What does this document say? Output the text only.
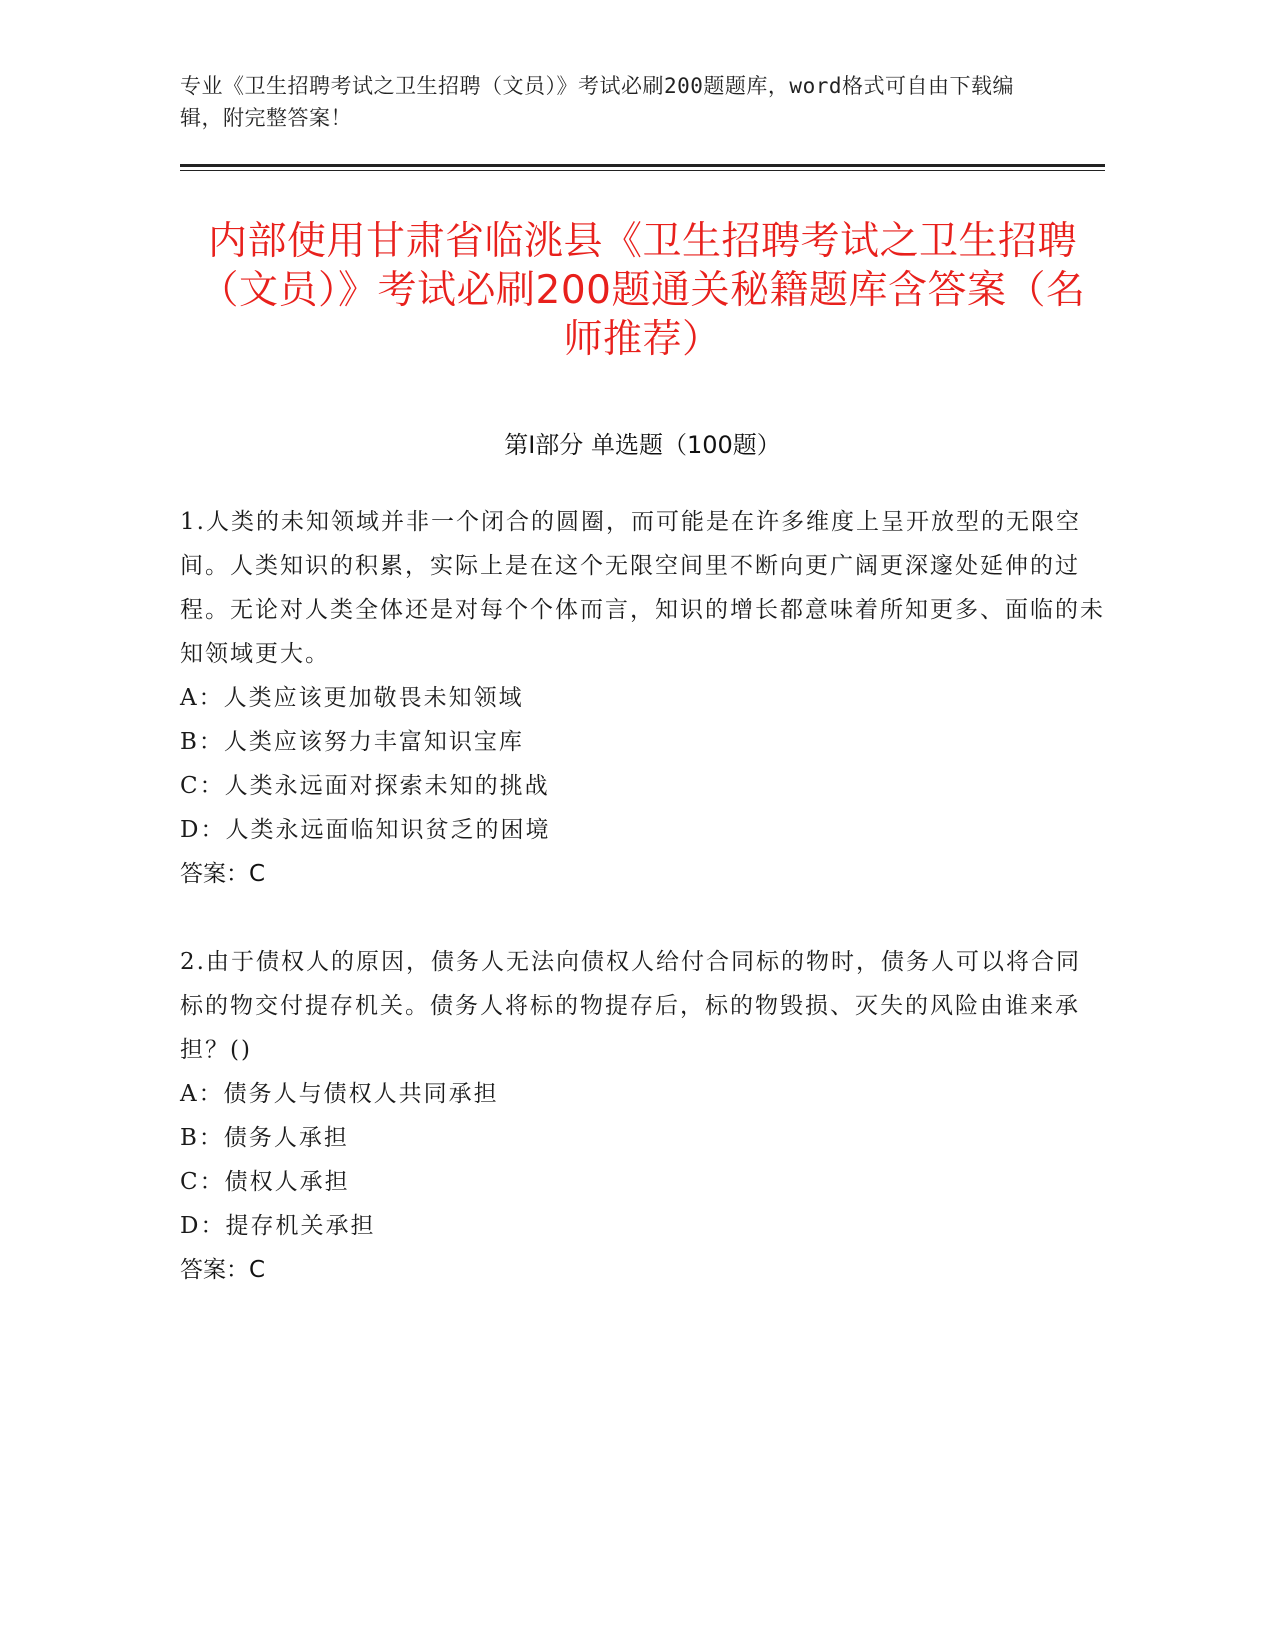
专业《卫生招聘考试之卫生招聘（文员）》考试必刷200题题库，word格式可自由下载编辑，附完整答案！

内部使用甘肃省临洮县《卫生招聘考试之卫生招聘（文员）》考试必刷200题通关秘籍题库含答案（名师推荐）
第Ⅰ部分 单选题（100题）

1.人类的未知领域并非一个闭合的圆圈，而可能是在许多维度上呈开放型的无限空间。人类知识的积累，实际上是在这个无限空间里不断向更广阔更深邃处延伸的过程。无论对人类全体还是对每个个体而言，知识的增长都意味着所知更多、面临的未知领域更大。

A：人类应该更加敬畏未知领域

B：人类应该努力丰富知识宝库

C：人类永远面对探索未知的挑战

D：人类永远面临知识贫乏的困境

答案：C

2.由于债权人的原因，债务人无法向债权人给付合同标的物时，债务人可以将合同标的物交付提存机关。债务人将标的物提存后，标的物毁损、灭失的风险由谁来承担？()

A：债务人与债权人共同承担

B：债务人承担

C：债权人承担

D：提存机关承担

答案：C
